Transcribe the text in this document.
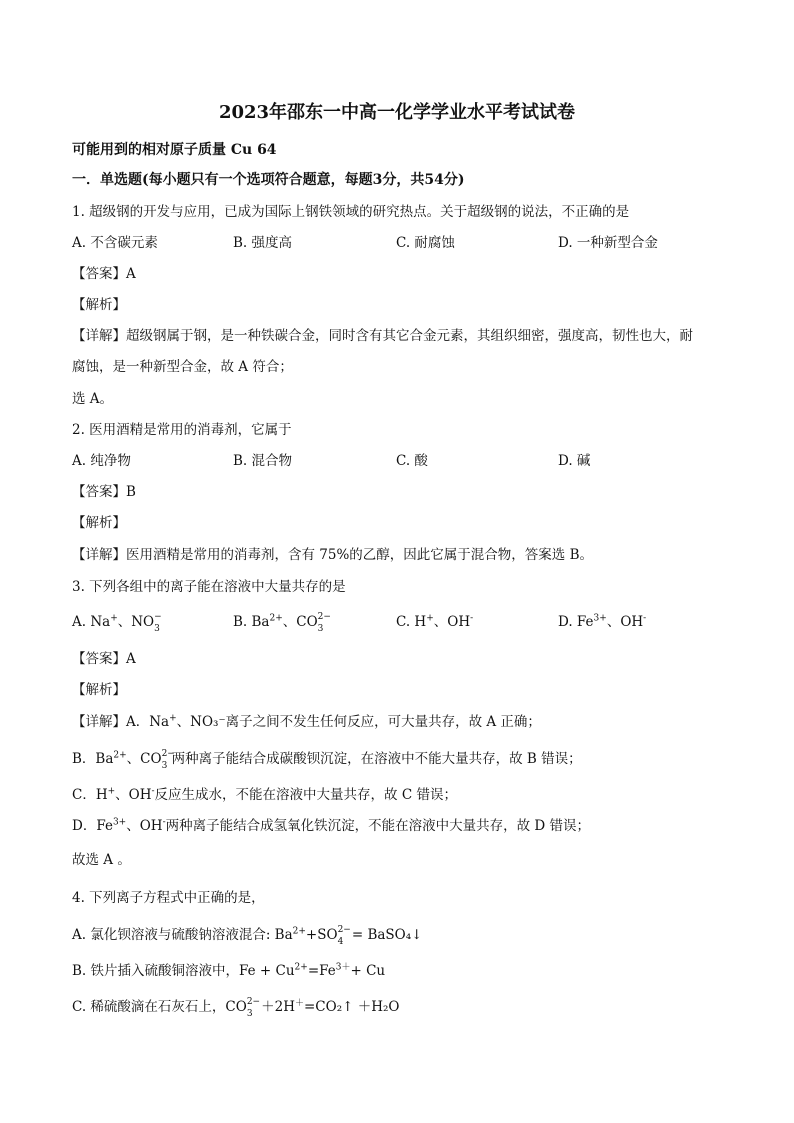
2023年邵东一中高一化学学业水平考试试卷
可能用到的相对原子质量 Cu 64
一．单选题(每小题只有一个选项符合题意，每题3分，共54分)
1. 超级钢的开发与应用，已成为国际上钢铁领域的研究热点。关于超级钢的说法，不正确的是
A. 不含碳元素	B. 强度高	C. 耐腐蚀	D. 一种新型合金
【答案】A
【解析】
【详解】超级钢属于钢，是一种铁碳合金，同时含有其它合金元素，其组织细密，强度高，韧性也大，耐
腐蚀，是一种新型合金，故 A 符合；
选 A。
2. 医用酒精是常用的消毒剂，它属于
A. 纯净物	B. 混合物	C. 酸	D. 碱
【答案】B
【解析】
【详解】医用酒精是常用的消毒剂，含有 75%的乙醇，因此它属于混合物，答案选 B。
3. 下列各组中的离子能在溶液中大量共存的是
A. Na+、NO −
3	B. $Ba^{2+}$、CO 2−
3	C. H+、OH-	D. $Fe^{3+}$、OH-
【答案】A
【解析】
【详解】A．Na+、NO₃⁻离子之间不发生任何反应，可大量共存，故 A 正确；
B．$Ba^{2+}$、CO 2−
3 两种离子能结合成碳酸钡沉淀，在溶液中不能大量共存，故 B 错误；
C．H+、OH-反应生成水，不能在溶液中大量共存，故 C 错误；
D．$Fe^{3+}$、OH-两种离子能结合成氢氧化铁沉淀，不能在溶液中大量共存，故 D 错误；
故选 A 。
4. 下列离子方程式中正确的是，
A. 氯化钡溶液与硫酸钠溶液混合: $Ba^{2+}+SO$ 2−
4 = BaSO₄↓
B. 铁片插入硫酸铜溶液中，$Fe + Cu^{2+}=Fe^{3+}+ Cu$
C. 稀硫酸滴在石灰石上，CO 2−
3 ＋2H＋=CO₂↑ ＋H₂O
